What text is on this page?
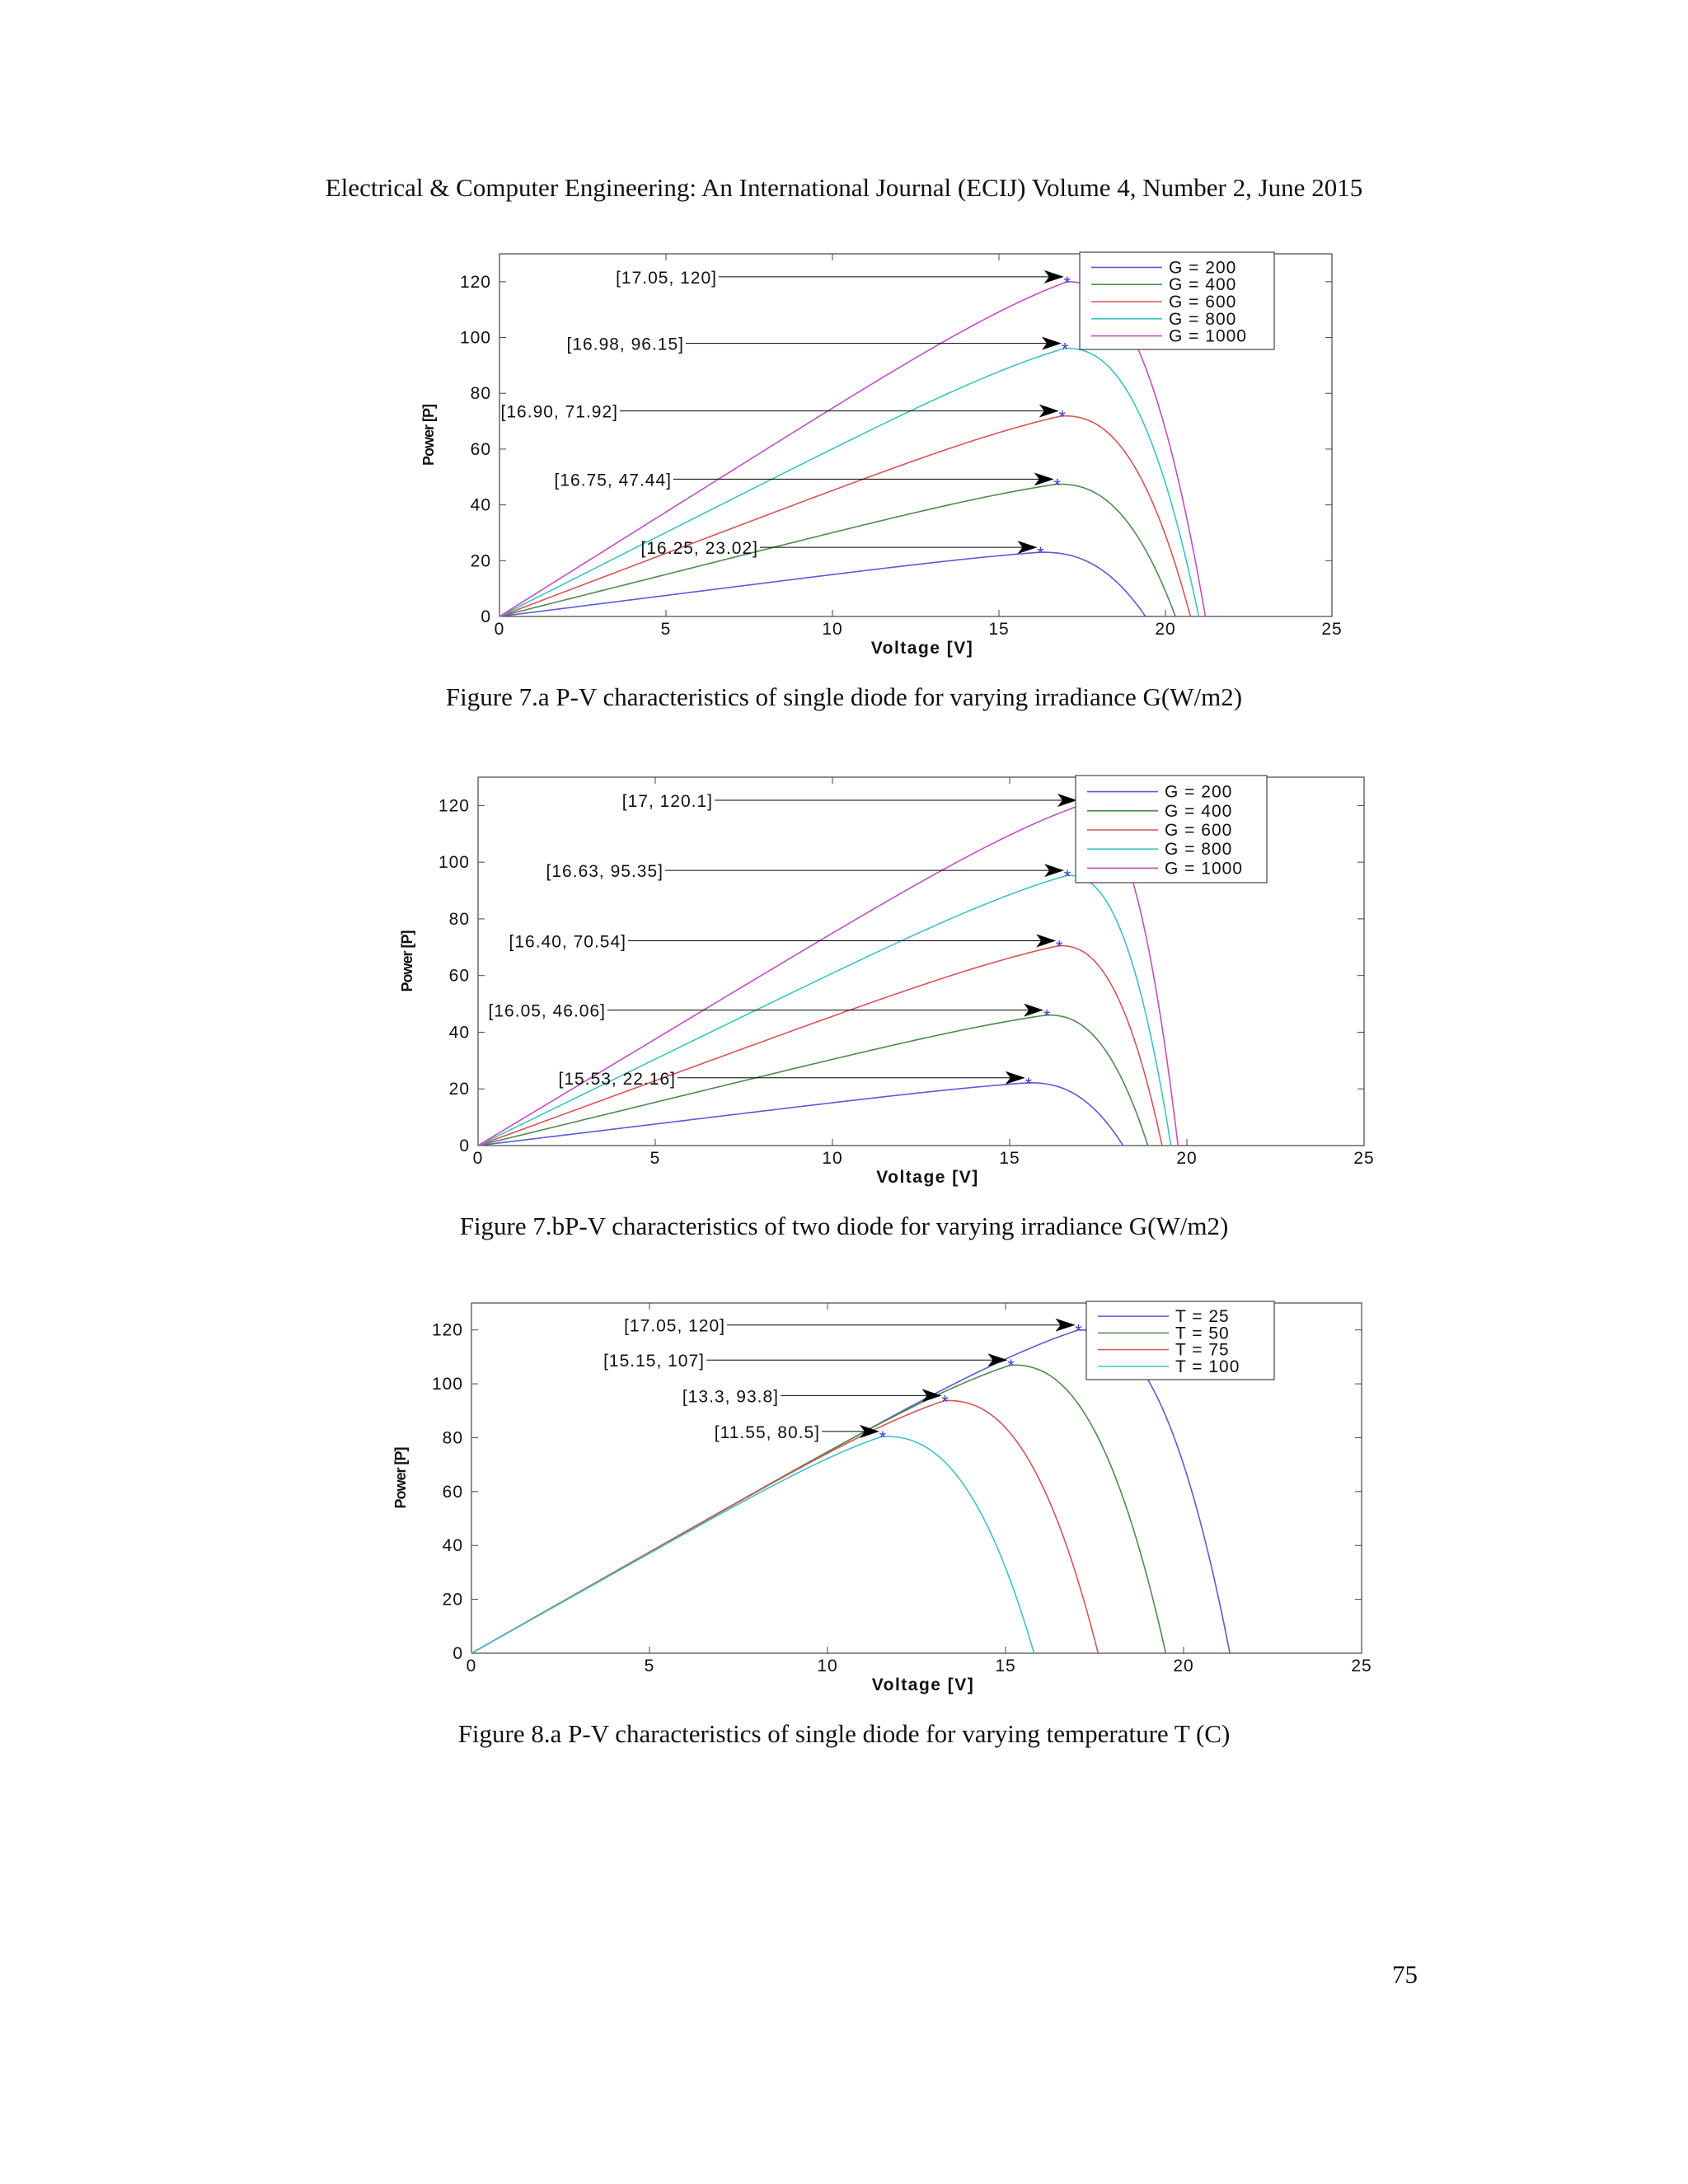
Electrical & Computer Engineering: An International Journal (ECIJ) Volume 4, Number 2, June 2015
0	5	10	15	20	25
0
20
40
60
80
100
120
Voltage [V]
Power [P]
*
[16.25, 23.02]
*
[16.75, 47.44]
*
[16.90, 71.92]
*
[16.98, 96.15]
*
[17.05, 120]
G = 200
G = 400
G = 600
G = 800
G = 1000
Figure 7.a P-V characteristics of single diode for varying irradiance G(W/m2)
0	5	10	15	20	25
0
20
40
60
80
100
120
Voltage [V]
Power [P]
*
[15.53, 22.16]
*
[16.05, 46.06]
*
[16.40, 70.54]
*
[16.63, 95.35]
[17, 120.1]	G = 200
G = 400
G = 600
G = 800
G = 1000
Figure 7.bP-V characteristics of two diode for varying irradiance G(W/m2)
0	5	10	15	20	25
0
20
40
60
80
100
120
Voltage [V]
Power [P]
*
[17.05, 120]
*
[15.15, 107]
*
[13.3, 93.8]
*
[11.55, 80.5]
T = 25
T = 50
T = 75
T = 100
Figure 8.a P-V characteristics of single diode for varying temperature T (C)
75
